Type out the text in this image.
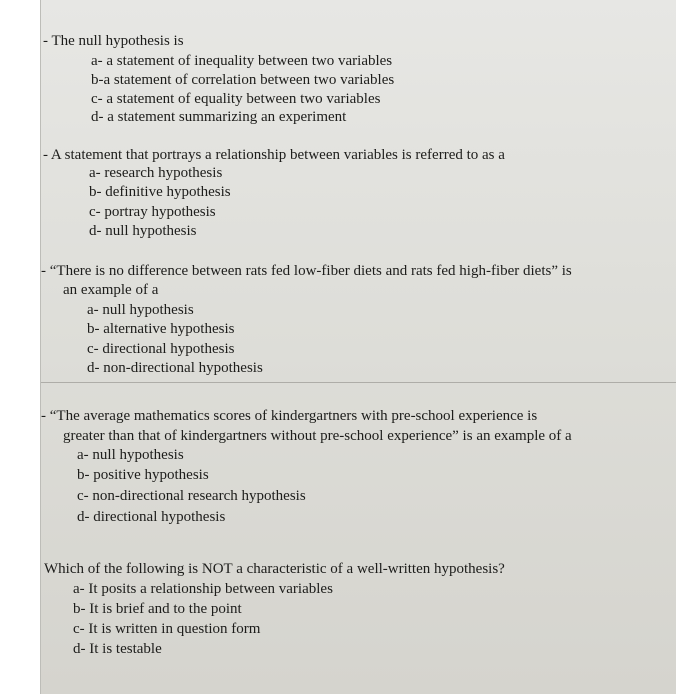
- The null hypothesis is
a- a statement of inequality between two variables
b-a statement of correlation between two variables
c- a statement of equality between two variables
d- a statement summarizing an experiment
- A statement that portrays a relationship between variables is referred to as a
a- research hypothesis
b- definitive hypothesis
c- portray hypothesis
d- null hypothesis
- “There is no difference between rats fed low-fiber diets and rats fed high-fiber diets” is
an example of a
a- null hypothesis
b- alternative hypothesis
c- directional hypothesis
d- non-directional hypothesis
- “The average mathematics scores of kindergartners with pre-school experience is
greater than that of kindergartners without pre-school experience” is an example of a
a- null hypothesis
b- positive hypothesis
c- non-directional research hypothesis
d- directional hypothesis
Which of the following is NOT a characteristic of a well-written hypothesis?
a- It posits a relationship between variables
b- It is brief and to the point
c- It is written in question form
d- It is testable
